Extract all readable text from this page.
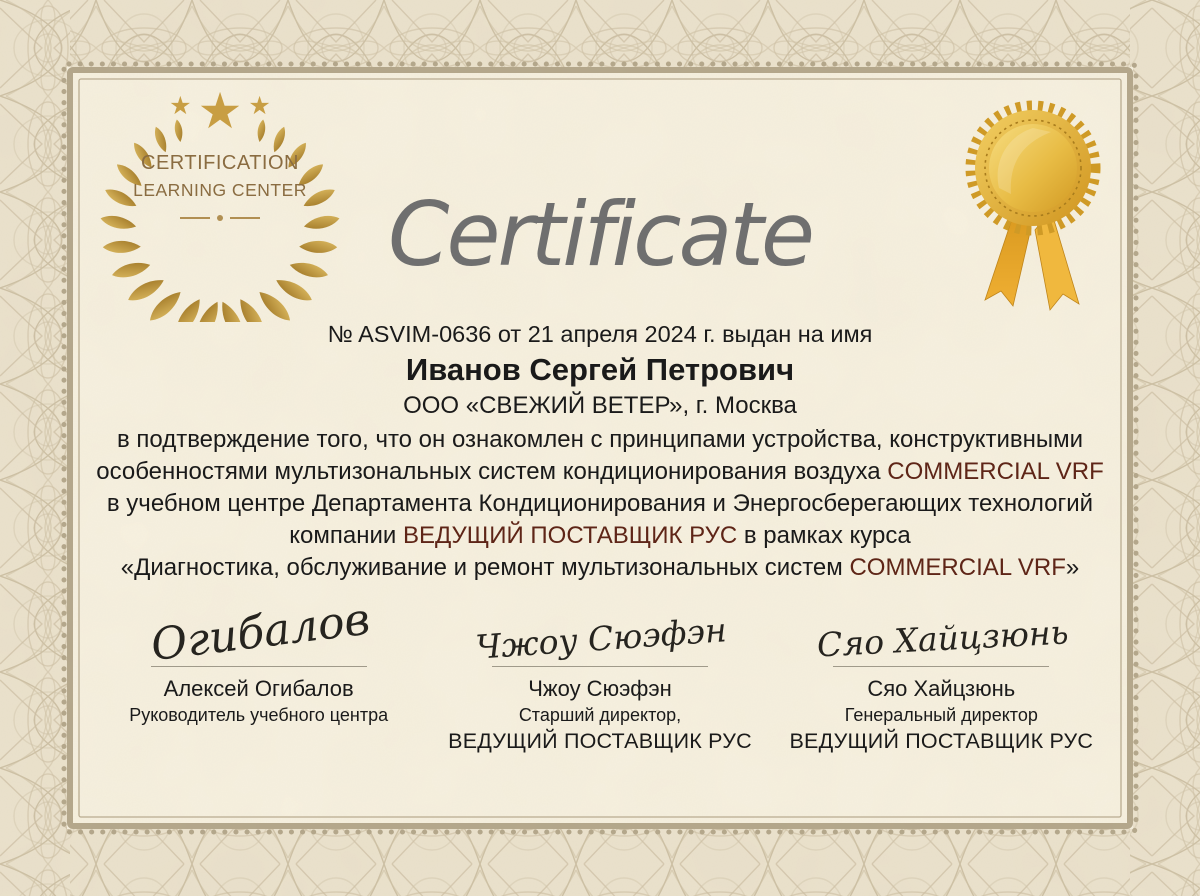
★ ★ ★
CERTIFICATION
LEARNING CENTER Certificate
№ ASVIM-0636 от 21 апреля 2024 г. выдан на имя
Иванов Сергей Петрович
ООО «СВЕЖИЙ ВЕТЕР», г. Москва
в подтверждение того, что он ознакомлен с принципами устройства, конструктивными
особенностями мультизональных систем кондиционирования воздуха COMMERCIAL VRF
в учебном центре Департамента Кондиционирования и Энергосберегающих технологий
компании ВЕДУЩИЙ ПОСТАВЩИК РУС в рамках курса
«Диагностика, обслуживание и ремонт мультизональных систем COMMERCIAL VRF»
Огибалов
Алексей Огибалов
Руководитель учебного центра
Чжоу Сюэфэн
Чжоу Сюэфэн
Старший директор,
ВЕДУЩИЙ ПОСТАВЩИК РУС
Сяо Хайцзюнь
Сяо Хайцзюнь
Генеральный директор
ВЕДУЩИЙ ПОСТАВЩИК РУС
